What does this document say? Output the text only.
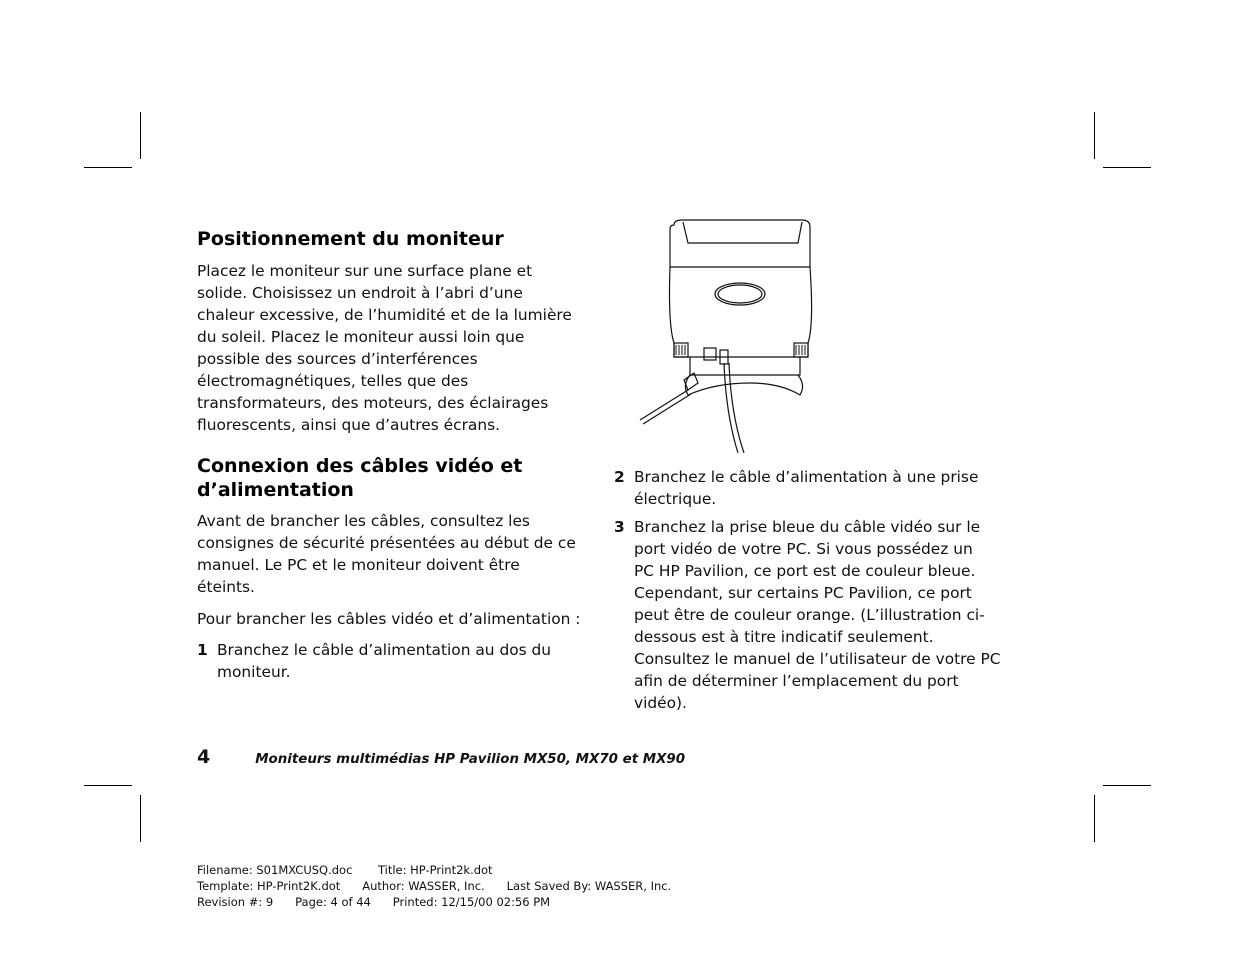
Positionnement du moniteur

Placez le moniteur sur une surface plane et

solide. Choisissez un endroit à l’abri d’une

chaleur excessive, de l’humidité et de la lumière

du soleil. Placez le moniteur aussi loin que

possible des sources d’interférences

électromagnétiques, telles que des

transformateurs, des moteurs, des éclairages

fluorescents, ainsi que d’autres écrans.

Connexion des câbles vidéo et
d’alimentation

Avant de brancher les câbles, consultez les

consignes de sécurité présentées au début de ce

manuel. Le PC et le moniteur doivent être éteints.

Pour brancher les câbles vidéo et d’alimentation :

1 Branchez le câble d’alimentation au dos du
moniteur.
2 Branchez le câble d’alimentation à une prise
électrique.
3 Branchez la prise bleue du câble vidéo sur le
port vidéo de votre PC. Si vous possédez un
PC HP Pavilion, ce port est de couleur bleue.
Cependant, sur certains PC Pavilion, ce port
peut être de couleur orange. (L’illustration ci-
dessous est à titre indicatif seulement.
Consultez le manuel de l’utilisateur de votre PC
afin de déterminer l’emplacement du port
vidéo).
4	Moniteurs multimédias HP Pavilion MX50, MX70 et MX90
Filename: S01MXCUSQ.doc       Title: HP-Print2k.dot
Template: HP-Print2K.dot      Author: WASSER, Inc.      Last Saved By: WASSER, Inc.
Revision #: 9      Page: 4 of 44      Printed: 12/15/00 02:56 PM
